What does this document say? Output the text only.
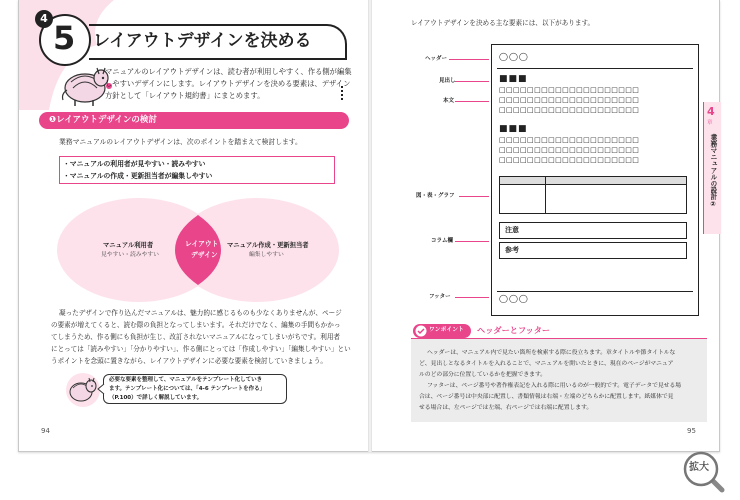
4
5 レイアウトデザインを決める
マニュアルのレイアウトデザインは、読む者が利用しやすく、作る側が編集
しやすいデザインにします。レイアウトデザインを決める要素は、デザイン
方針として「レイアウト規約書」にまとめます。
❶レイアウトデザインの検討
業務マニュアルのレイアウトデザインは、次のポイントを踏まえて検討します。
・マニュアルの利用者が見やすい・読みやすい
・マニュアルの作成・更新担当者が編集しやすい
マニュアル利用者
見やすい・読みやすい
レイアウト
デザイン
マニュアル作成・更新担当者
編集しやすい
凝ったデザインで作り込んだマニュアルは、魅力的に感じるものも少なくありませんが、ページ
の要素が増えてくると、読む際の負担となってしまいます。それだけでなく、編集の手間もかかっ
てしまうため、作る側にも負担が生じ、改訂されないマニュアルになってしまいがちです。利用者
にとっては「読みやすい」「分かりやすい」、作る側にとっては「作成しやすい」「編集しやすい」とい
うポイントを念頭に置きながら、レイアウトデザインに必要な要素を検討していきましょう。
必要な要素を整理して、マニュアルをテンプレート化していき
ます。テンプレート化については、「4-6 テンプレートを作る」
（P.100）で詳しく解説しています。
94
レイアウトデザインを決める主な要素には、以下があります。
◯◯◯
■■■
□□□□□□□□□□□□□□□□□□□□
□□□□□□□□□□□□□□□□□□□□
□□□□□□□□□□□□□□□□□□□□
■■■
□□□□□□□□□□□□□□□□□□□□
□□□□□□□□□□□□□□□□□□□□
□□□□□□□□□□□□□□□□□□□□
注意
参考
◯◯◯
ヘッダー
見出し
本文
図・表・グラフ
コラム欄
フッター
4
章
業務マニュアルの設計②
ワンポイント ヘッダーとフッター
ヘッダーは、マニュアル内で見たい箇所を検索する際に役立ちます。章タイトルや節タイトルな
ど、見出しとなるタイトルを入れることで、マニュアルを開いたときに、現在のページがマニュア
ルのどの部分に位置しているかを把握できます。
フッターは、ページ番号や著作権表記を入れる際に用いるのが一般的です。電子データで見せる場
合は、ページ番号は中央部に配置し、書類情報は右端・左端のどちらかに配置します。紙媒体で見
せる場合は、左ページでは左端、右ページでは右端に配置します。
95
拡大
